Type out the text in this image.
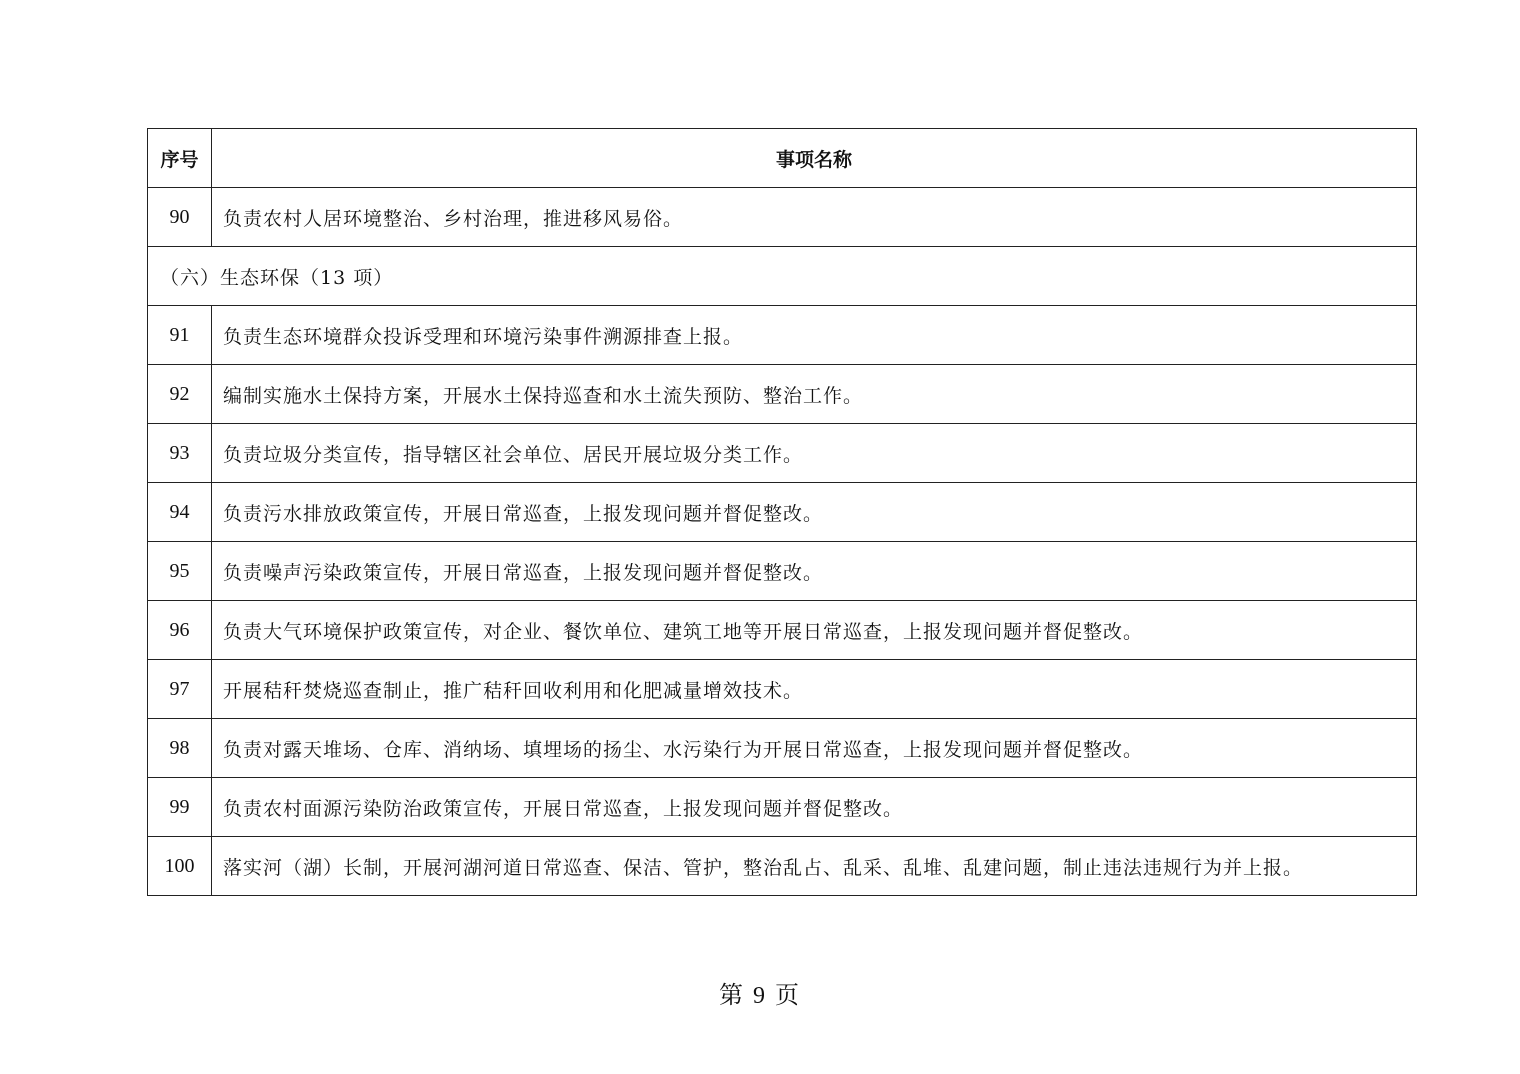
序号	事项名称
90	负责农村人居环境整治、乡村治理，推进移风易俗。
（六）生态环保（13 项）	
91	负责生态环境群众投诉受理和环境污染事件溯源排查上报。
92	编制实施水土保持方案，开展水土保持巡查和水土流失预防、整治工作。
93	负责垃圾分类宣传，指导辖区社会单位、居民开展垃圾分类工作。
94	负责污水排放政策宣传，开展日常巡查，上报发现问题并督促整改。
95	负责噪声污染政策宣传，开展日常巡查，上报发现问题并督促整改。
96	负责大气环境保护政策宣传，对企业、餐饮单位、建筑工地等开展日常巡查，上报发现问题并督促整改。
97	开展秸秆焚烧巡查制止，推广秸秆回收利用和化肥减量增效技术。
98	负责对露天堆场、仓库、消纳场、填埋场的扬尘、水污染行为开展日常巡查，上报发现问题并督促整改。
99	负责农村面源污染防治政策宣传，开展日常巡查，上报发现问题并督促整改。
100	落实河（湖）长制，开展河湖河道日常巡查、保洁、管护，整治乱占、乱采、乱堆、乱建问题，制止违法违规行为并上报。
第 9 页
